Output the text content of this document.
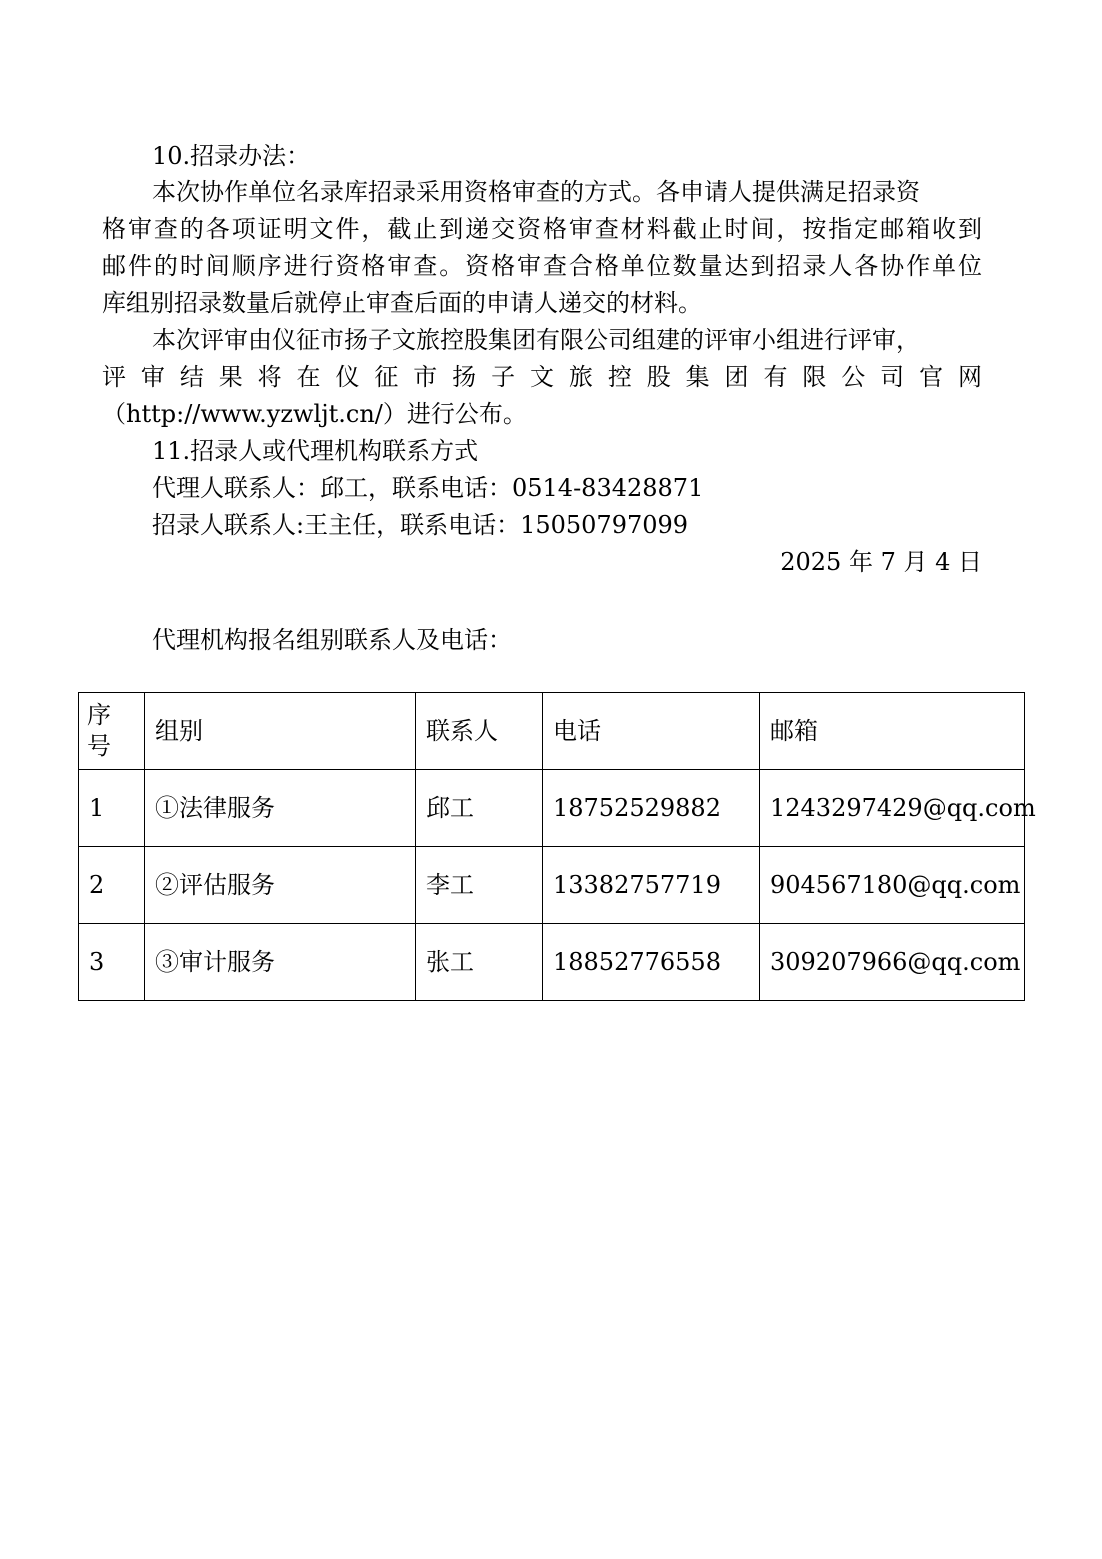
10.招录办法：
本次协作单位名录库招录采用资格审查的方式。各申请人提供满足招录资
格审查的各项证明文件，截止到递交资格审查材料截止时间，按指定邮箱收到
邮件的时间顺序进行资格审查。资格审查合格单位数量达到招录人各协作单位
库组别招录数量后就停止审查后面的申请人递交的材料。
本次评审由仪征市扬子文旅控股集团有限公司组建的评审小组进行评审，
评审结果将在仪征市扬子文旅控股集团有限公司官网
（http://www.yzwljt.cn/）进行公布。
11.招录人或代理机构联系方式
代理人联系人：邱工，联系电话：0514-83428871
招录人联系人:王主任，联系电话：15050797099
2025 年 7 月 4 日
代理机构报名组别联系人及电话：
序号	组别	联系人	电话	邮箱
1	①法律服务	邱工	18752529882	1243297429@qq.com
2	②评估服务	李工	13382757719	904567180@qq.com
3	③审计服务	张工	18852776558	309207966@qq.com
